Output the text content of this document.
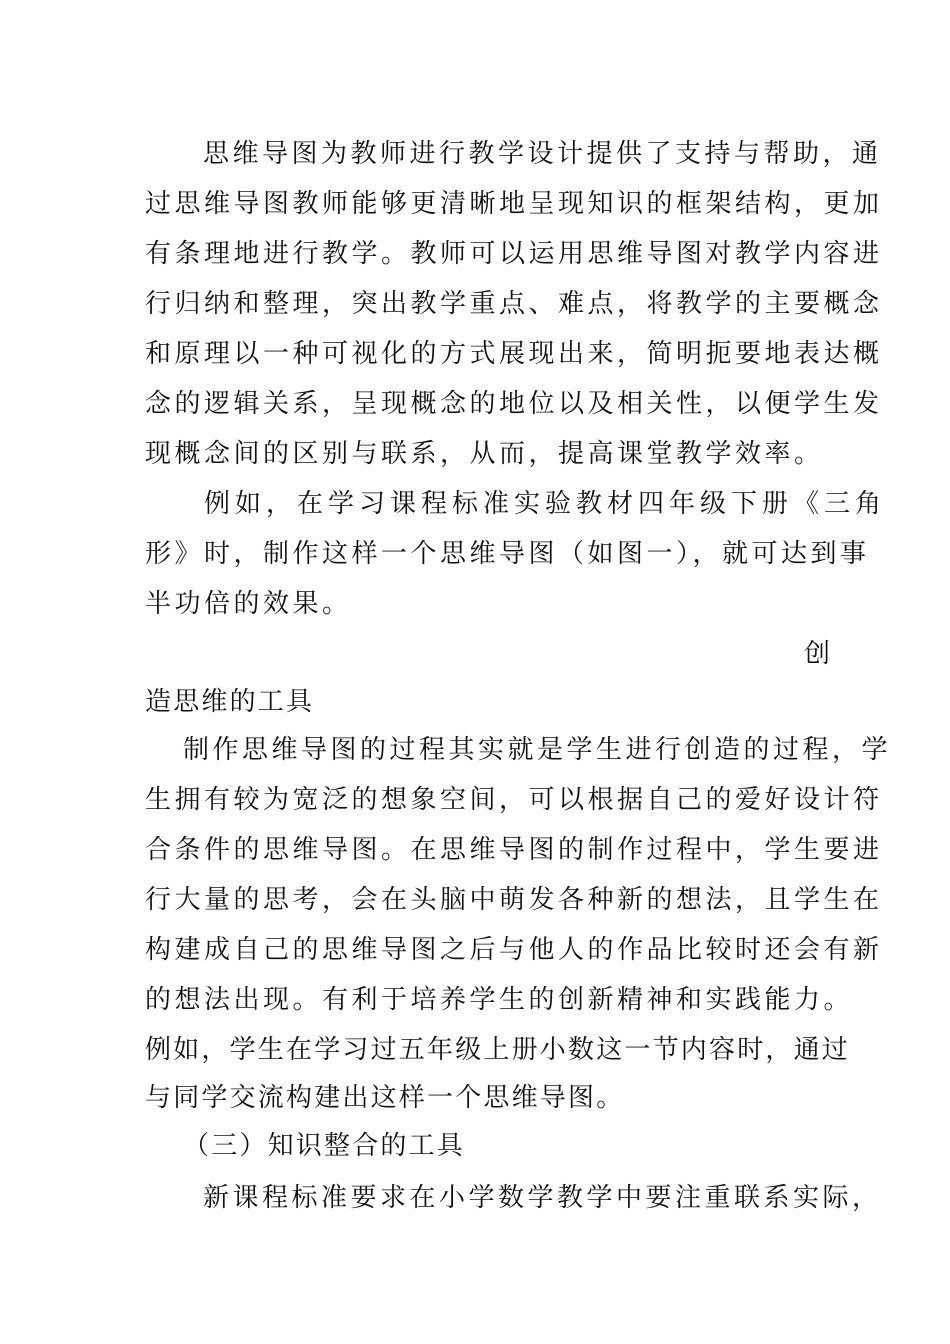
思维导图为教师进行教学设计提供了支持与帮助，通
过思维导图教师能够更清晰地呈现知识的框架结构，更加
有条理地进行教学。教师可以运用思维导图对教学内容进
行归纳和整理，突出教学重点、难点，将教学的主要概念
和原理以一种可视化的方式展现出来，简明扼要地表达概
念的逻辑关系，呈现概念的地位以及相关性，以便学生发
现概念间的区别与联系，从而，提高课堂教学效率。
例如，在学习课程标准实验教材四年级下册《三角
形》时，制作这样一个思维导图（如图一），就可达到事
半功倍的效果。
创
造思维的工具
制作思维导图的过程其实就是学生进行创造的过程，学
生拥有较为宽泛的想象空间，可以根据自己的爱好设计符
合条件的思维导图。在思维导图的制作过程中，学生要进
行大量的思考，会在头脑中萌发各种新的想法，且学生在
构建成自己的思维导图之后与他人的作品比较时还会有新
的想法出现。有利于培养学生的创新精神和实践能力。
例如，学生在学习过五年级上册小数这一节内容时，通过
与同学交流构建出这样一个思维导图。
（三）知识整合的工具
新课程标准要求在小学数学教学中要注重联系实际，
